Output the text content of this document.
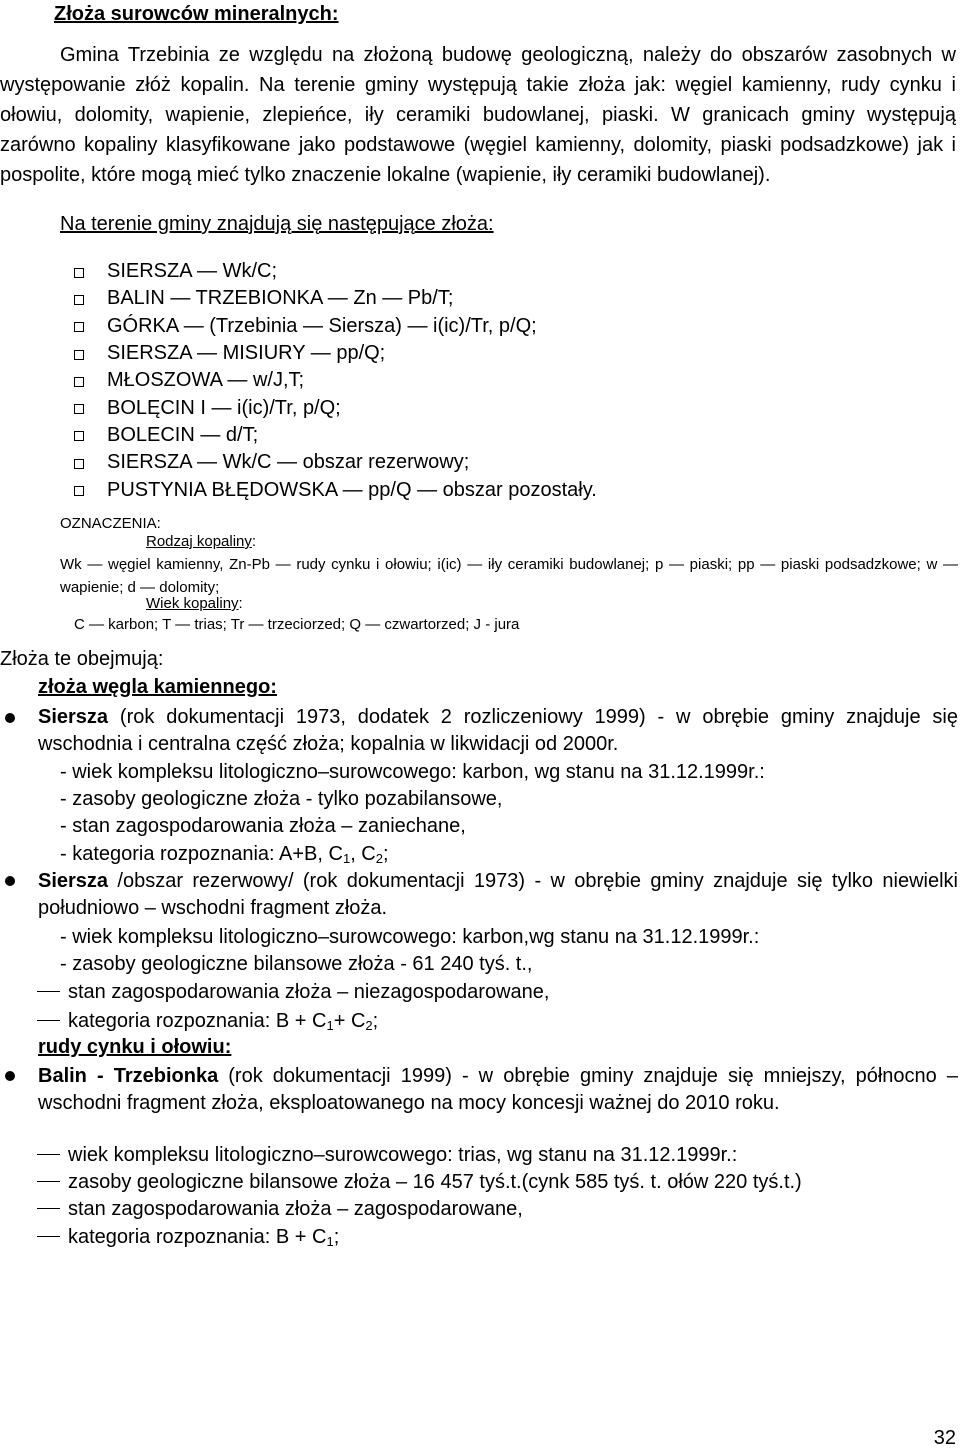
Złoża surowców mineralnych:
Gmina Trzebinia ze względu na złożoną budowę geologiczną, należy do obszarów zasobnych w występowanie złóż kopalin. Na terenie gminy występują takie złoża jak: węgiel kamienny, rudy cynku i ołowiu, dolomity, wapienie, zlepieńce, iły ceramiki budowlanej, piaski. W granicach gminy występują zarówno kopaliny klasyfikowane jako podstawowe (węgiel kamienny, dolomity, piaski podsadzkowe) jak i pospolite, które mogą mieć tylko znaczenie lokalne (wapienie, iły ceramiki budowlanej).
Na terenie gminy znajdują się następujące złoża:
SIERSZA — Wk/C;
BALIN — TRZEBIONKA — Zn — Pb/T;
GÓRKA — (Trzebinia — Siersza) — i(ic)/Tr, p/Q;
SIERSZA — MISIURY — pp/Q;
MŁOSZOWA — w/J,T;
BOLĘCIN I — i(ic)/Tr, p/Q;
BOLECIN — d/T;
SIERSZA — Wk/C — obszar rezerwowy;
PUSTYNIA BŁĘDOWSKA — pp/Q — obszar pozostały.
OZNACZENIA:
Rodzaj kopaliny:
Wk — węgiel kamienny, Zn-Pb — rudy cynku i ołowiu; i(ic) — iły ceramiki budowlanej; p — piaski; pp — piaski podsadzkowe; w — wapienie; d — dolomity;
Wiek kopaliny:
C — karbon; T — trias; Tr — trzeciorzed; Q — czwartorzed; J - jura
Złoża te obejmują:
złoża węgla kamiennego:
Siersza (rok dokumentacji 1973, dodatek 2 rozliczeniowy 1999) - w obrębie gminy znajduje się wschodnia i centralna część złoża; kopalnia w likwidacji od 2000r.
- wiek kompleksu litologiczno–surowcowego: karbon, wg stanu na 31.12.1999r.:
- zasoby geologiczne złoża - tylko pozabilansowe,
- stan zagospodarowania złoża – zaniechane,
- kategoria rozpoznania: A+B, $C_1$, $C_2$;
Siersza /obszar rezerwowy/ (rok dokumentacji 1973) - w obrębie gminy znajduje się tylko niewielki południowo – wschodni fragment złoża.
- wiek kompleksu litologiczno–surowcowego: karbon,wg stanu na 31.12.1999r.:
- zasoby geologiczne bilansowe złoża - 61 240 tyś. t.,
stan zagospodarowania złoża – niezagospodarowane,
kategoria rozpoznania: $B + C_1+ C_2$;
rudy cynku i ołowiu:
Balin - Trzebionka (rok dokumentacji 1999) - w obrębie gminy znajduje się mniejszy, północno – wschodni fragment złoża, eksploatowanego na mocy koncesji ważnej do 2010 roku.
wiek kompleksu litologiczno–surowcowego: trias, wg stanu na 31.12.1999r.:
zasoby geologiczne bilansowe złoża – 16 457 tyś.t.(cynk 585 tyś. t. ołów 220 tyś.t.)
stan zagospodarowania złoża – zagospodarowane,
kategoria rozpoznania: $B + C_1$;
32
